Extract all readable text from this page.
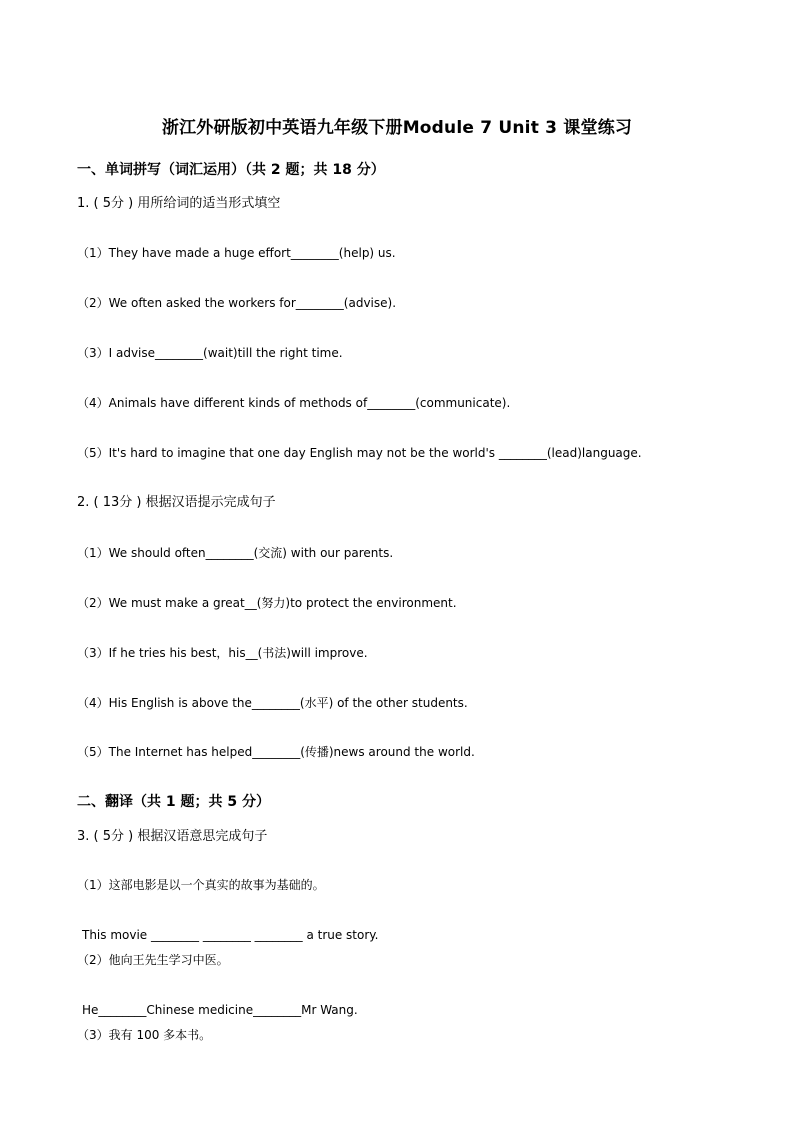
浙江外研版初中英语九年级下册Module 7 Unit 3 课堂练习
一、单词拼写（词汇运用）（共 2 题；共 18 分）
1. ( 5分 ) 用所给词的适当形式填空
（1）They have made a huge effort________(help) us.
（2）We often asked the workers for________(advise).
（3）I advise________(wait)till the right time.
（4）Animals have different kinds of methods of________(communicate).
（5）It's hard to imagine that one day English may not be the world's ________(lead)language.
2. ( 13分 ) 根据汉语提示完成句子
（1）We should often________(交流) with our parents.
（2）We must make a great__(努力)to protect the environment.
（3）If he tries his best，his__(书法)will improve.
（4）His English is above the________(水平) of the other students.
（5）The Internet has helped________(传播)news around the world.
二、翻译（共 1 题；共 5 分）
3. ( 5分 ) 根据汉语意思完成句子
（1）这部电影是以一个真实的故事为基础的。
This movie ________ ________ ________ a true story.
（2）他向王先生学习中医。
He________Chinese medicine________Mr Wang.
（3）我有 100 多本书。
